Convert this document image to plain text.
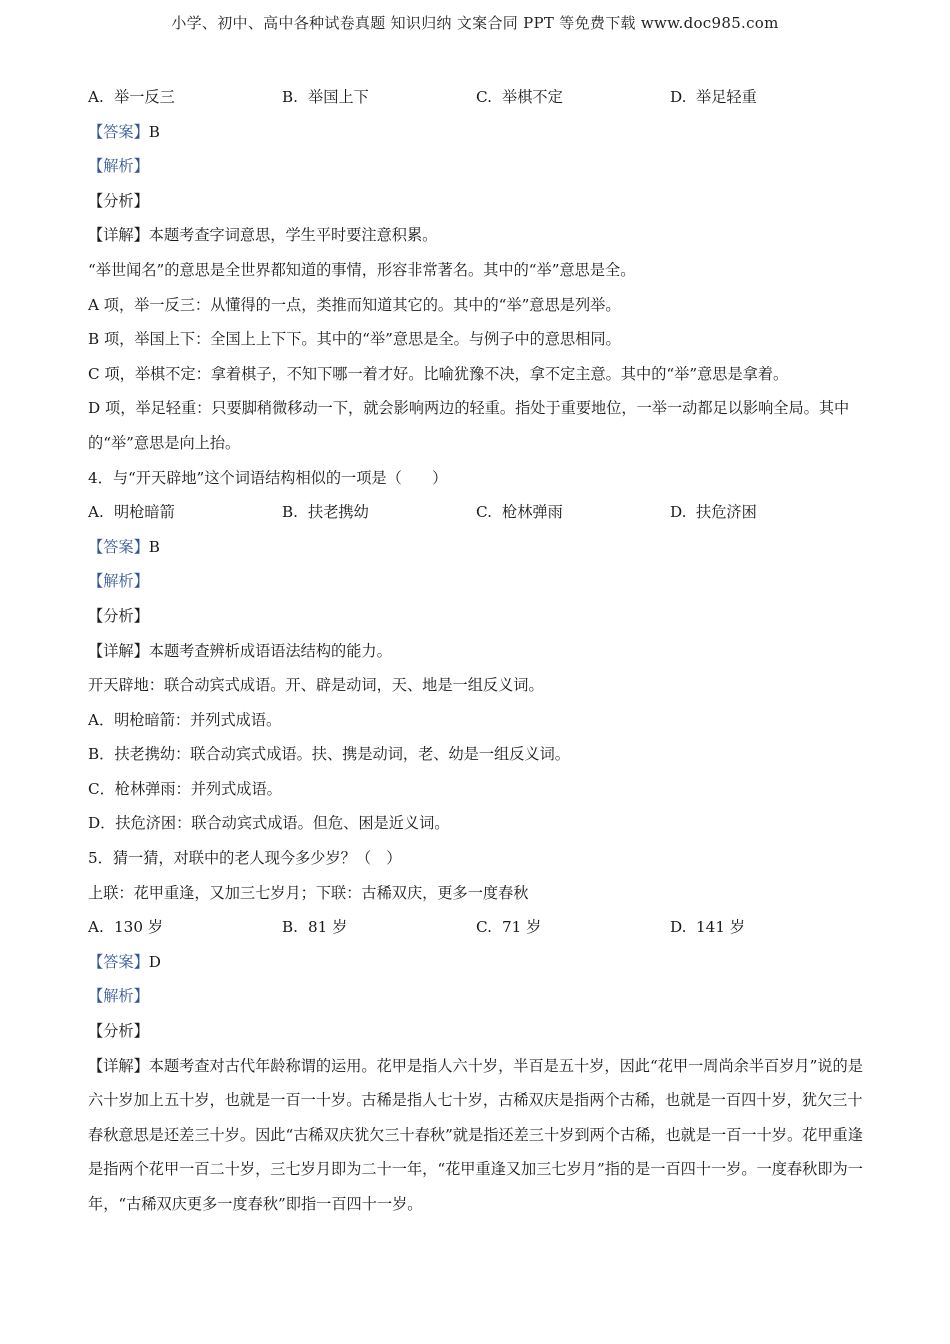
小学、初中、高中各种试卷真题 知识归纳 文案合同 PPT 等免费下载 www.doc985.com
A. 举一反三	B. 举国上下	C. 举棋不定	D. 举足轻重
【答案】B
【解析】
【分析】
【详解】本题考查字词意思，学生平时要注意积累。
“举世闻名”的意思是全世界都知道的事情，形容非常著名。其中的“举”意思是全。
A 项，举一反三：从懂得的一点，类推而知道其它的。其中的“举”意思是列举。
B 项，举国上下：全国上上下下。其中的“举”意思是全。与例子中的意思相同。
C 项，举棋不定：拿着棋子，不知下哪一着才好。比喻犹豫不决，拿不定主意。其中的“举”意思是拿着。
D 项，举足轻重：只要脚稍微移动一下，就会影响两边的轻重。指处于重要地位，一举一动都足以影响全局。其中的“举”意思是向上抬。
4．与“开天辟地”这个词语结构相似的一项是（　　）
A. 明枪暗箭	B. 扶老携幼	C. 枪林弹雨	D. 扶危济困
【答案】B
【解析】
【分析】
【详解】本题考查辨析成语语法结构的能力。
开天辟地：联合动宾式成语。开、辟是动词，天、地是一组反义词。
A．明枪暗箭：并列式成语。
B．扶老携幼：联合动宾式成语。扶、携是动词，老、幼是一组反义词。
C．枪林弹雨：并列式成语。
D．扶危济困：联合动宾式成语。但危、困是近义词。
5．猜一猜，对联中的老人现今多少岁？（　）
上联：花甲重逢，又加三七岁月；下联：古稀双庆，更多一度春秋
A. 130 岁	B. 81 岁	C. 71 岁	D. 141 岁
【答案】D
【解析】
【分析】
【详解】本题考查对古代年龄称谓的运用。花甲是指人六十岁，半百是五十岁，因此“花甲一周尚余半百岁月”说的是六十岁加上五十岁，也就是一百一十岁。古稀是指人七十岁，古稀双庆是指两个古稀，也就是一百四十岁，犹欠三十春秋意思是还差三十岁。因此“古稀双庆犹欠三十春秋”就是指还差三十岁到两个古稀，也就是一百一十岁。花甲重逢是指两个花甲一百二十岁，三七岁月即为二十一年，“花甲重逢又加三七岁月”指的是一百四十一岁。一度春秋即为一年，“古稀双庆更多一度春秋”即指一百四十一岁。
